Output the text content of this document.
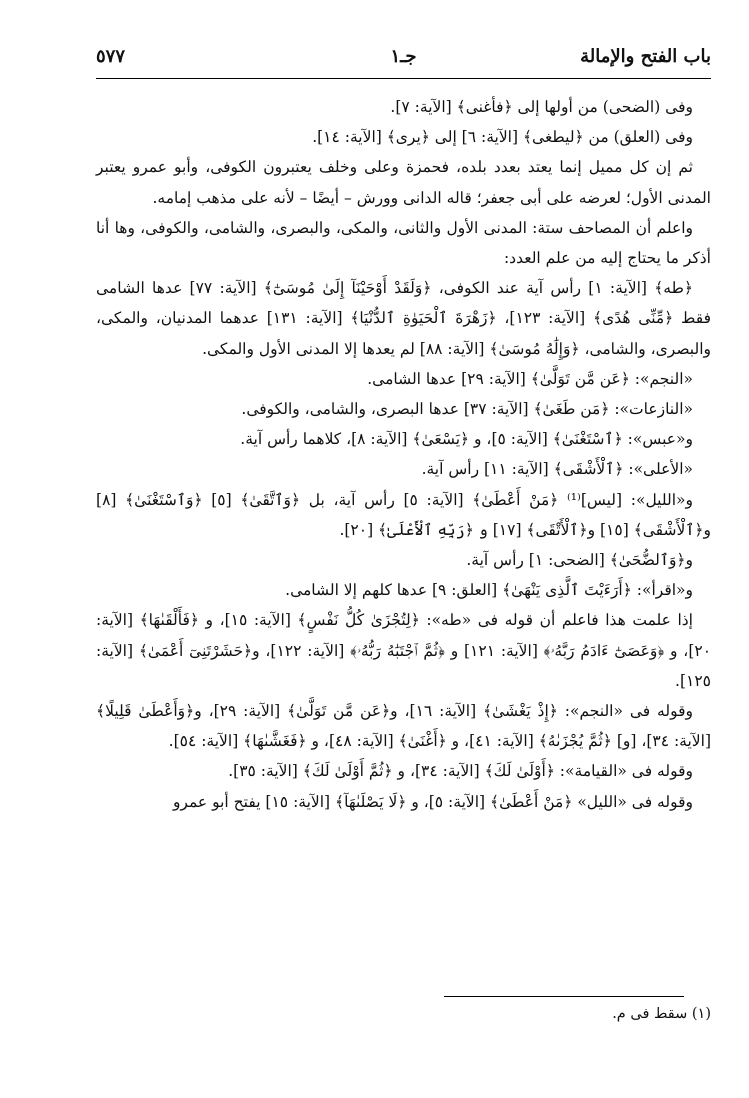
باب الفتح والإمالة
جـ١
٥٧٧

وفى (الضحى) من أولها إلى ﴿فأغنى﴾ [الآية: ٧].

وفى (العلق) من ﴿ليطغى﴾ [الآية: ٦] إلى ﴿يرى﴾ [الآية: ١٤].

ثم إن كل مميل إنما يعتد بعدد بلده، فحمزة وعلى وخلف يعتبرون الكوفى، وأبو عمرو يعتبر المدنى الأول؛ لعرضه على أبى جعفر؛ قاله الدانى وورش – أيضًا – لأنه على مذهب إمامه.

واعلم أن المصاحف ستة: المدنى الأول والثانى، والمكى، والبصرى، والشامى، والكوفى، وها أنا أذكر ما يحتاج إليه من علم العدد:

﴿طه﴾ [الآية: ١] رأس آية عند الكوفى، ﴿وَلَقَدْ أَوْحَيْنَآ إِلَىٰ مُوسَىٰٓ﴾ [الآية: ٧٧] عدها الشامى فقط ﴿مِّنِّى هُدًى﴾ [الآية: ١٢٣]، ﴿زَهْرَةَ ٱلْحَيَوٰةِ ٱلدُّنْيَا﴾ [الآية: ١٣١] عدهما المدنيان، والمكى، والبصرى، والشامى، ﴿وَإِلَٰهُ مُوسَىٰ﴾ [الآية: ٨٨] لم يعدها إلا المدنى الأول والمكى.

«النجم»: ﴿عَن مَّن تَوَلَّىٰ﴾ [الآية: ٢٩] عدها الشامى.

«النازعات»: ﴿مَن طَغَىٰ﴾ [الآية: ٣٧] عدها البصرى، والشامى، والكوفى.

و«عبس»: ﴿ٱسْتَغْنَىٰ﴾ [الآية: ٥]، و ﴿يَسْعَىٰ﴾ [الآية: ٨]، كلاهما رأس آية.

«الأعلى»: ﴿ٱلْأَشْقَى﴾ [الآية: ١١] رأس آية.

و«الليل»: [ليس]⁽¹⁾ ﴿مَنْ أَعْطَىٰ﴾ [الآية: ٥] رأس آية، بل ﴿وَٱتَّقَىٰ﴾ [٥] ﴿وَٱسْتَغْنَىٰ﴾ [٨] و﴿ٱلْأَشْقَى﴾ [١٥] و﴿ٱلْأَتْقَى﴾ [١٧] و ﴿رَبِّهِ ٱلْأَعْلَىٰ﴾ [٢٠].

و﴿وَٱلضُّحَىٰ﴾ [الضحى: ١] رأس آية.

و«اقرأ»: ﴿أَرَءَيْتَ ٱلَّذِى يَنْهَىٰ﴾ [العلق: ٩] عدها كلهم إلا الشامى.

إذا علمت هذا فاعلم أن قوله فى «طه»: ﴿لِتُجْزَىٰ كُلُّ نَفْسٍ﴾ [الآية: ١٥]، و ﴿فَأَلْقَىٰهَا﴾ [الآية: ٢٠]، و ﴿وَعَصَىٰٓ ءَادَمُ رَبَّهُۥ﴾ [الآية: ١٢١] و ﴿ثُمَّ ٱجْتَبَٰهُ رَبُّهُۥ﴾ [الآية: ١٢٢]، و﴿حَشَرْتَنِىٓ أَعْمَىٰ﴾ [الآية: ١٢٥].

وقوله فى «النجم»: ﴿إِذْ يَغْشَىٰ﴾ [الآية: ١٦]، و﴿عَن مَّن تَوَلَّىٰ﴾ [الآية: ٢٩]، و﴿وَأَعْطَىٰ قَلِيلًا﴾ [الآية: ٣٤]، [و] ﴿ثُمَّ يُجْزَىٰهُ﴾ [الآية: ٤١]، و ﴿أَغْنَىٰ﴾ [الآية: ٤٨]، و ﴿فَغَشَّىٰهَا﴾ [الآية: ٥٤].

وقوله فى «القيامة»: ﴿أَوْلَىٰ لَكَ﴾ [الآية: ٣٤]، و ﴿ثُمَّ أَوْلَىٰ لَكَ﴾ [الآية: ٣٥].

وقوله فى «الليل» ﴿مَنْ أَعْطَىٰ﴾ [الآية: ٥]، و ﴿لَا يَصْلَىٰهَآ﴾ [الآية: ١٥] يفتح أبو عمرو

(١) سقط فى م.
